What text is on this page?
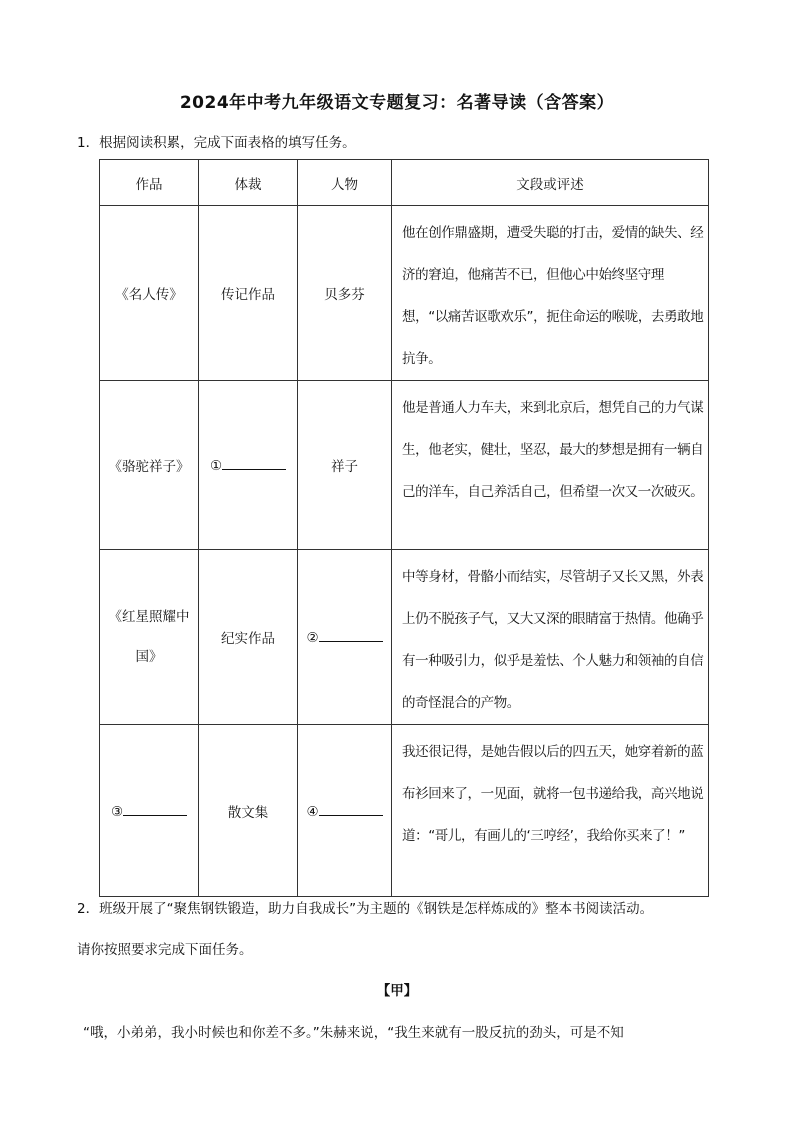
2024年中考九年级语文专题复习：名著导读（含答案）
1．根据阅读积累，完成下面表格的填写任务。
作品	体裁	人物	文段或评述
《名人传》	传记作品	贝多芬	他在创作鼎盛期，遭受失聪的打击，爱情的缺失、经济的窘迫，他痛苦不已，但他心中始终坚守理想，“以痛苦讴歌欢乐”，扼住命运的喉咙，去勇敢地抗争。
《骆驼祥子》	①	祥子	他是普通人力车夫，来到北京后，想凭自己的力气谋生，他老实，健壮，坚忍，最大的梦想是拥有一辆自己的洋车，自己养活自己，但希望一次又一次破灭。
《红星照耀中国》	纪实作品	②	中等身材，骨骼小而结实，尽管胡子又长又黑，外表上仍不脱孩子气，又大又深的眼睛富于热情。他确乎有一种吸引力，似乎是羞怯、个人魅力和领袖的自信的奇怪混合的产物。
③	散文集	④	我还很记得，是她告假以后的四五天，她穿着新的蓝布衫回来了，一见面，就将一包书递给我，高兴地说道：“哥儿，有画儿的‘三哼经’，我给你买来了！”
2．班级开展了“聚焦钢铁锻造，助力自我成长”为主题的《钢铁是怎样炼成的》整本书阅读活动。
请你按照要求完成下面任务。
【甲】
“哦，小弟弟，我小时候也和你差不多。”朱赫来说，“我生来就有一股反抗的劲头，可是不知
